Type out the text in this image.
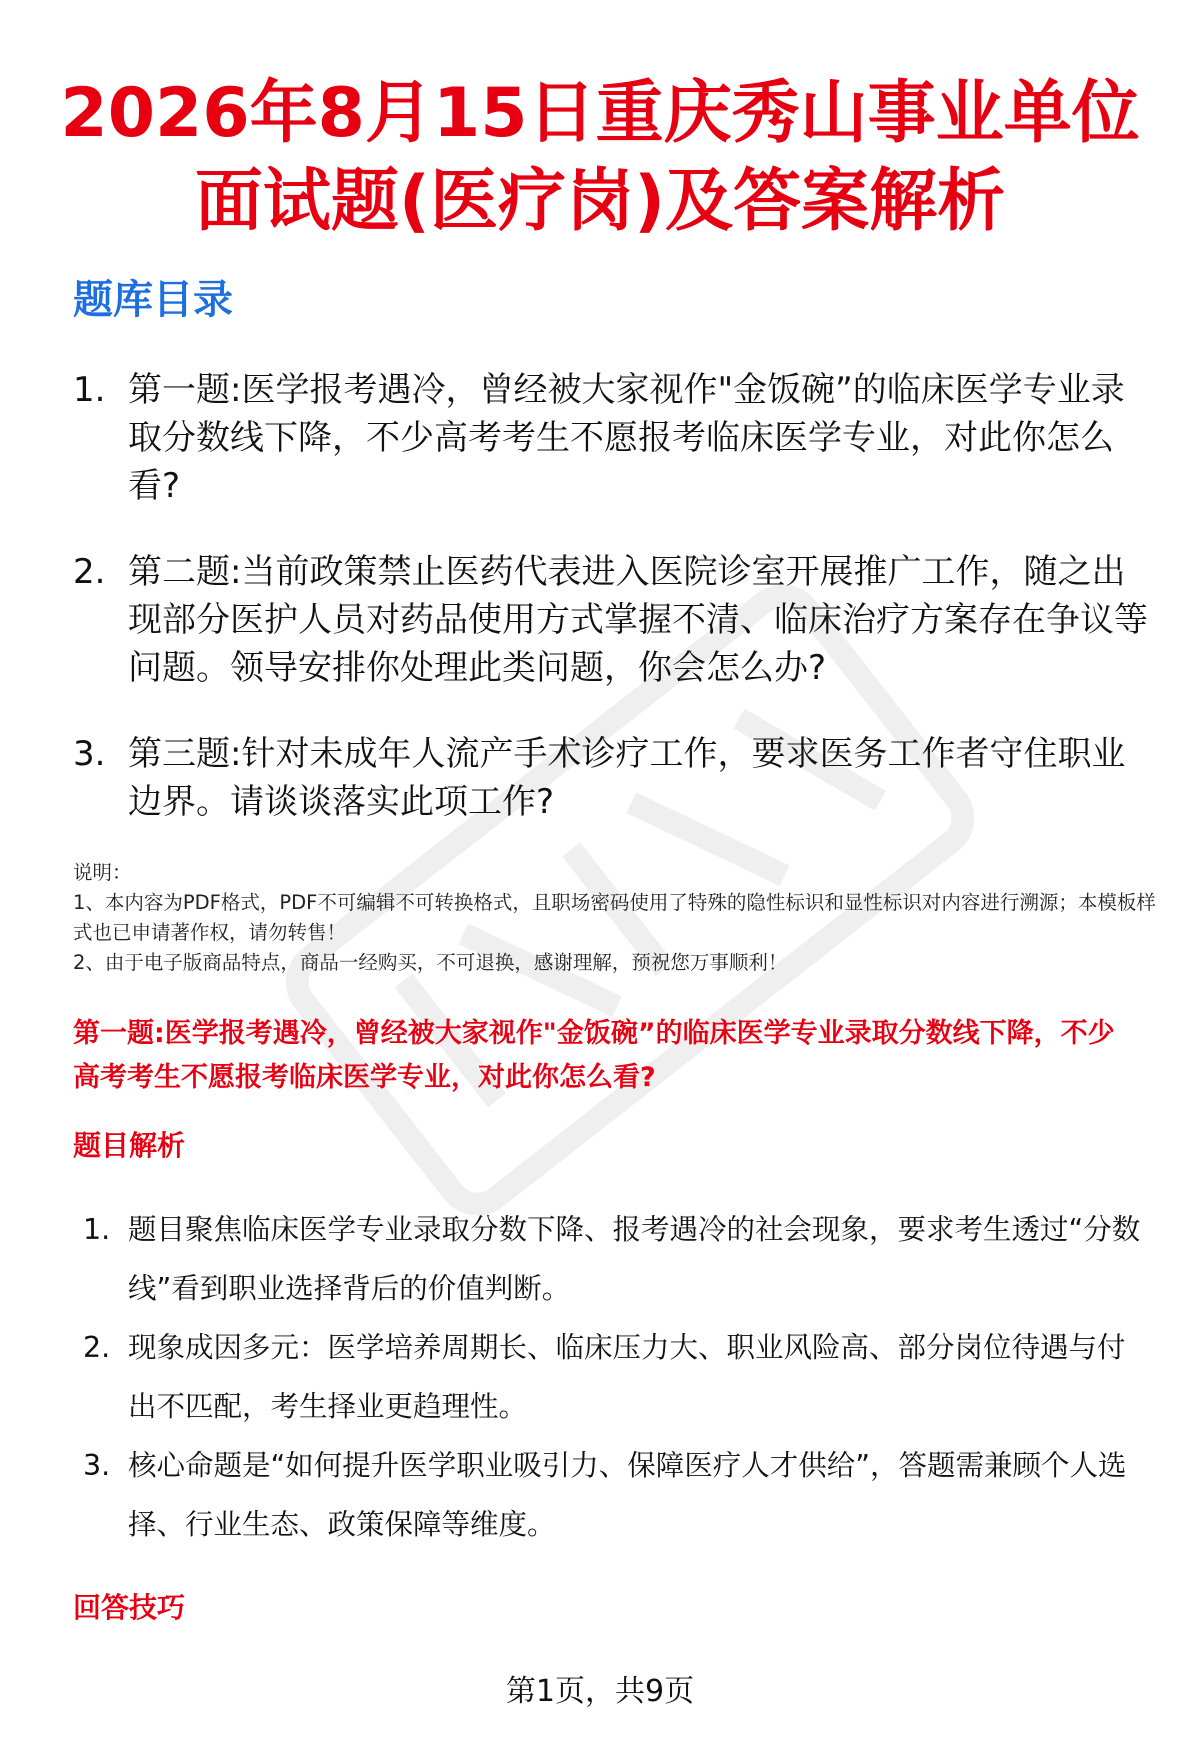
2026年8月15日重庆秀山事业单位
面试题(医疗岗)及答案解析
题库目录
1. 第一题:医学报考遇冷，曾经被大家视作"金饭碗”的临床医学专业录取分数线下降，不少高考考生不愿报考临床医学专业，对此你怎么看?
2. 第二题:当前政策禁止医药代表进入医院诊室开展推广工作，随之出现部分医护人员对药品使用方式掌握不清、临床治疗方案存在争议等问题。领导安排你处理此类问题，你会怎么办?
3. 第三题:针对未成年人流产手术诊疗工作，要求医务工作者守住职业边界。请谈谈落实此项工作?

说明：

1、本内容为PDF格式，PDF不可编辑不可转换格式，且职场密码使用了特殊的隐性标识和显性标识对内容进行溯源；本模板样式也已申请著作权，请勿转售！

2、由于电子版商品特点，商品一经购买，不可退换，感谢理解，预祝您万事顺利！

第一题:医学报考遇冷，曾经被大家视作"金饭碗”的临床医学专业录取分数线下降，不少高考考生不愿报考临床医学专业，对此你怎么看?
题目解析
1. 题目聚焦临床医学专业录取分数下降、报考遇冷的社会现象，要求考生透过“分数线”看到职业选择背后的价值判断。
2. 现象成因多元：医学培养周期长、临床压力大、职业风险高、部分岗位待遇与付出不匹配，考生择业更趋理性。
3. 核心命题是“如何提升医学职业吸引力、保障医疗人才供给”，答题需兼顾个人选择、行业生态、政策保障等维度。
回答技巧
第1页，共9页
